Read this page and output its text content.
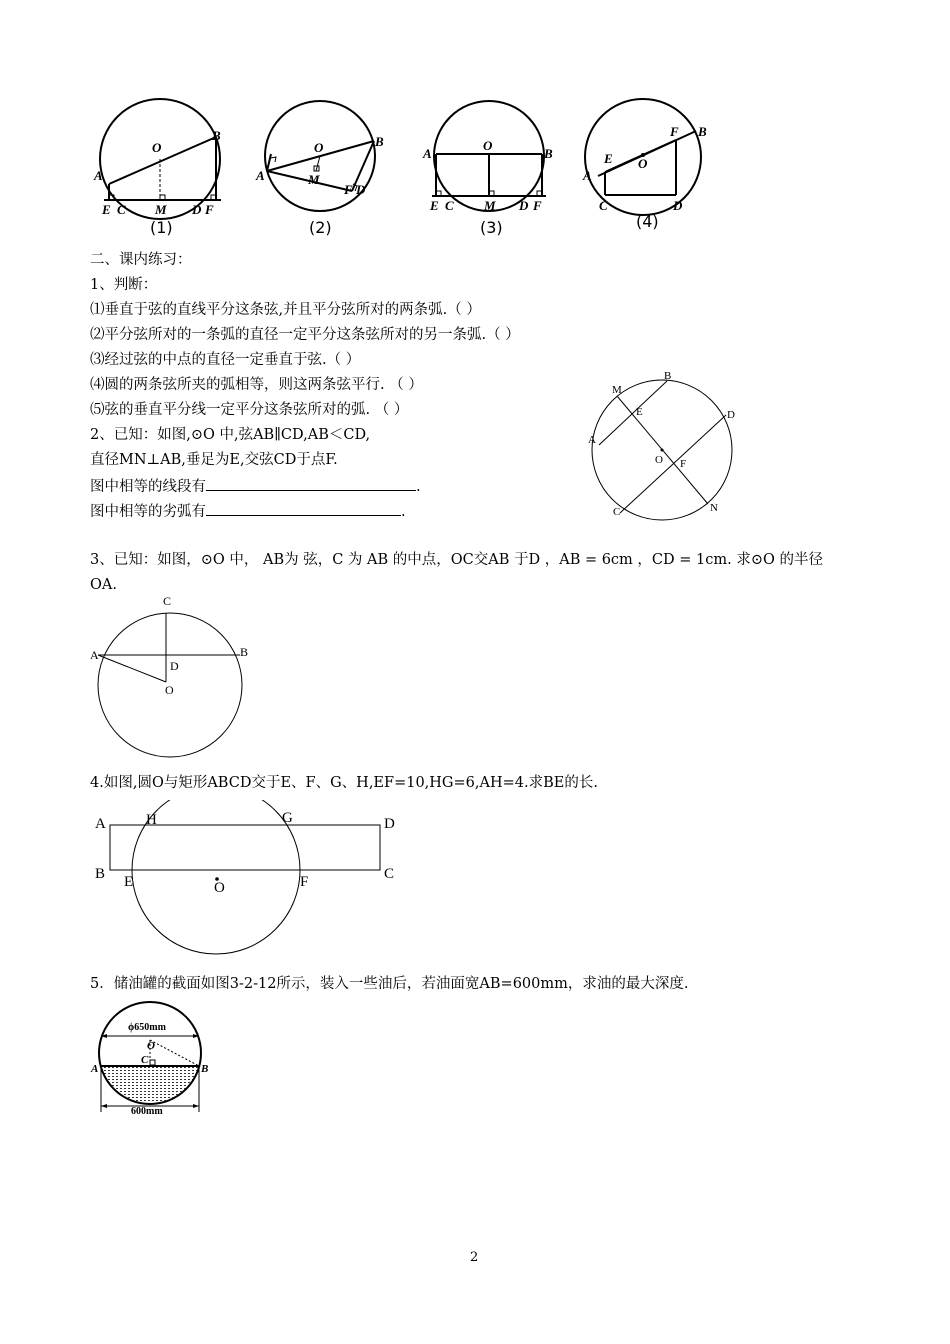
O
B
A
E C M D F
(1)
O	B
A	M
F D
(2)
A
O
B
E C M D F
(3)
F B
E O
A
C	D
(4)
二、课内练习：
1、判断：
⑴垂直于弦的直线平分这条弦,并且平分弦所对的两条弧.（ ）
⑵平分弦所对的一条弧的直径一定平分这条弦所对的另一条弧.（ ）
⑶经过弦的中点的直径一定垂直于弦.（ ）
⑷圆的两条弦所夹的弧相等，则这两条弦平行. （ ）
⑸弦的垂直平分线一定平分这条弦所对的弧. （ ）
2、已知：如图,⊙O 中,弦AB∥CD,AB＜CD,
直径MN⊥AB,垂足为E,交弦CD于点F.
图中相等的线段有	.
图中相等的劣弧有	.
M
B
E	D
A
O F
C	N
3、已知：如图，⊙O 中， AB为 弦，C 为 AB 的中点，OC交AB 于D ，AB = 6cm ，CD = 1cm. 求⊙O 的半径
OA.
C
A	B
D
O
4.如图,圆O与矩形ABCD交于E、F、G、H,EF=10,HG=6,AH=4.求BE的长.
A	H	G	D
B E	O	F	C
5．储油罐的截面如图3-2-12所示，装入一些油后，若油面宽AB=600mm，求油的最大深度.
ϕ650mm
O
C
A	B
600mm
2
